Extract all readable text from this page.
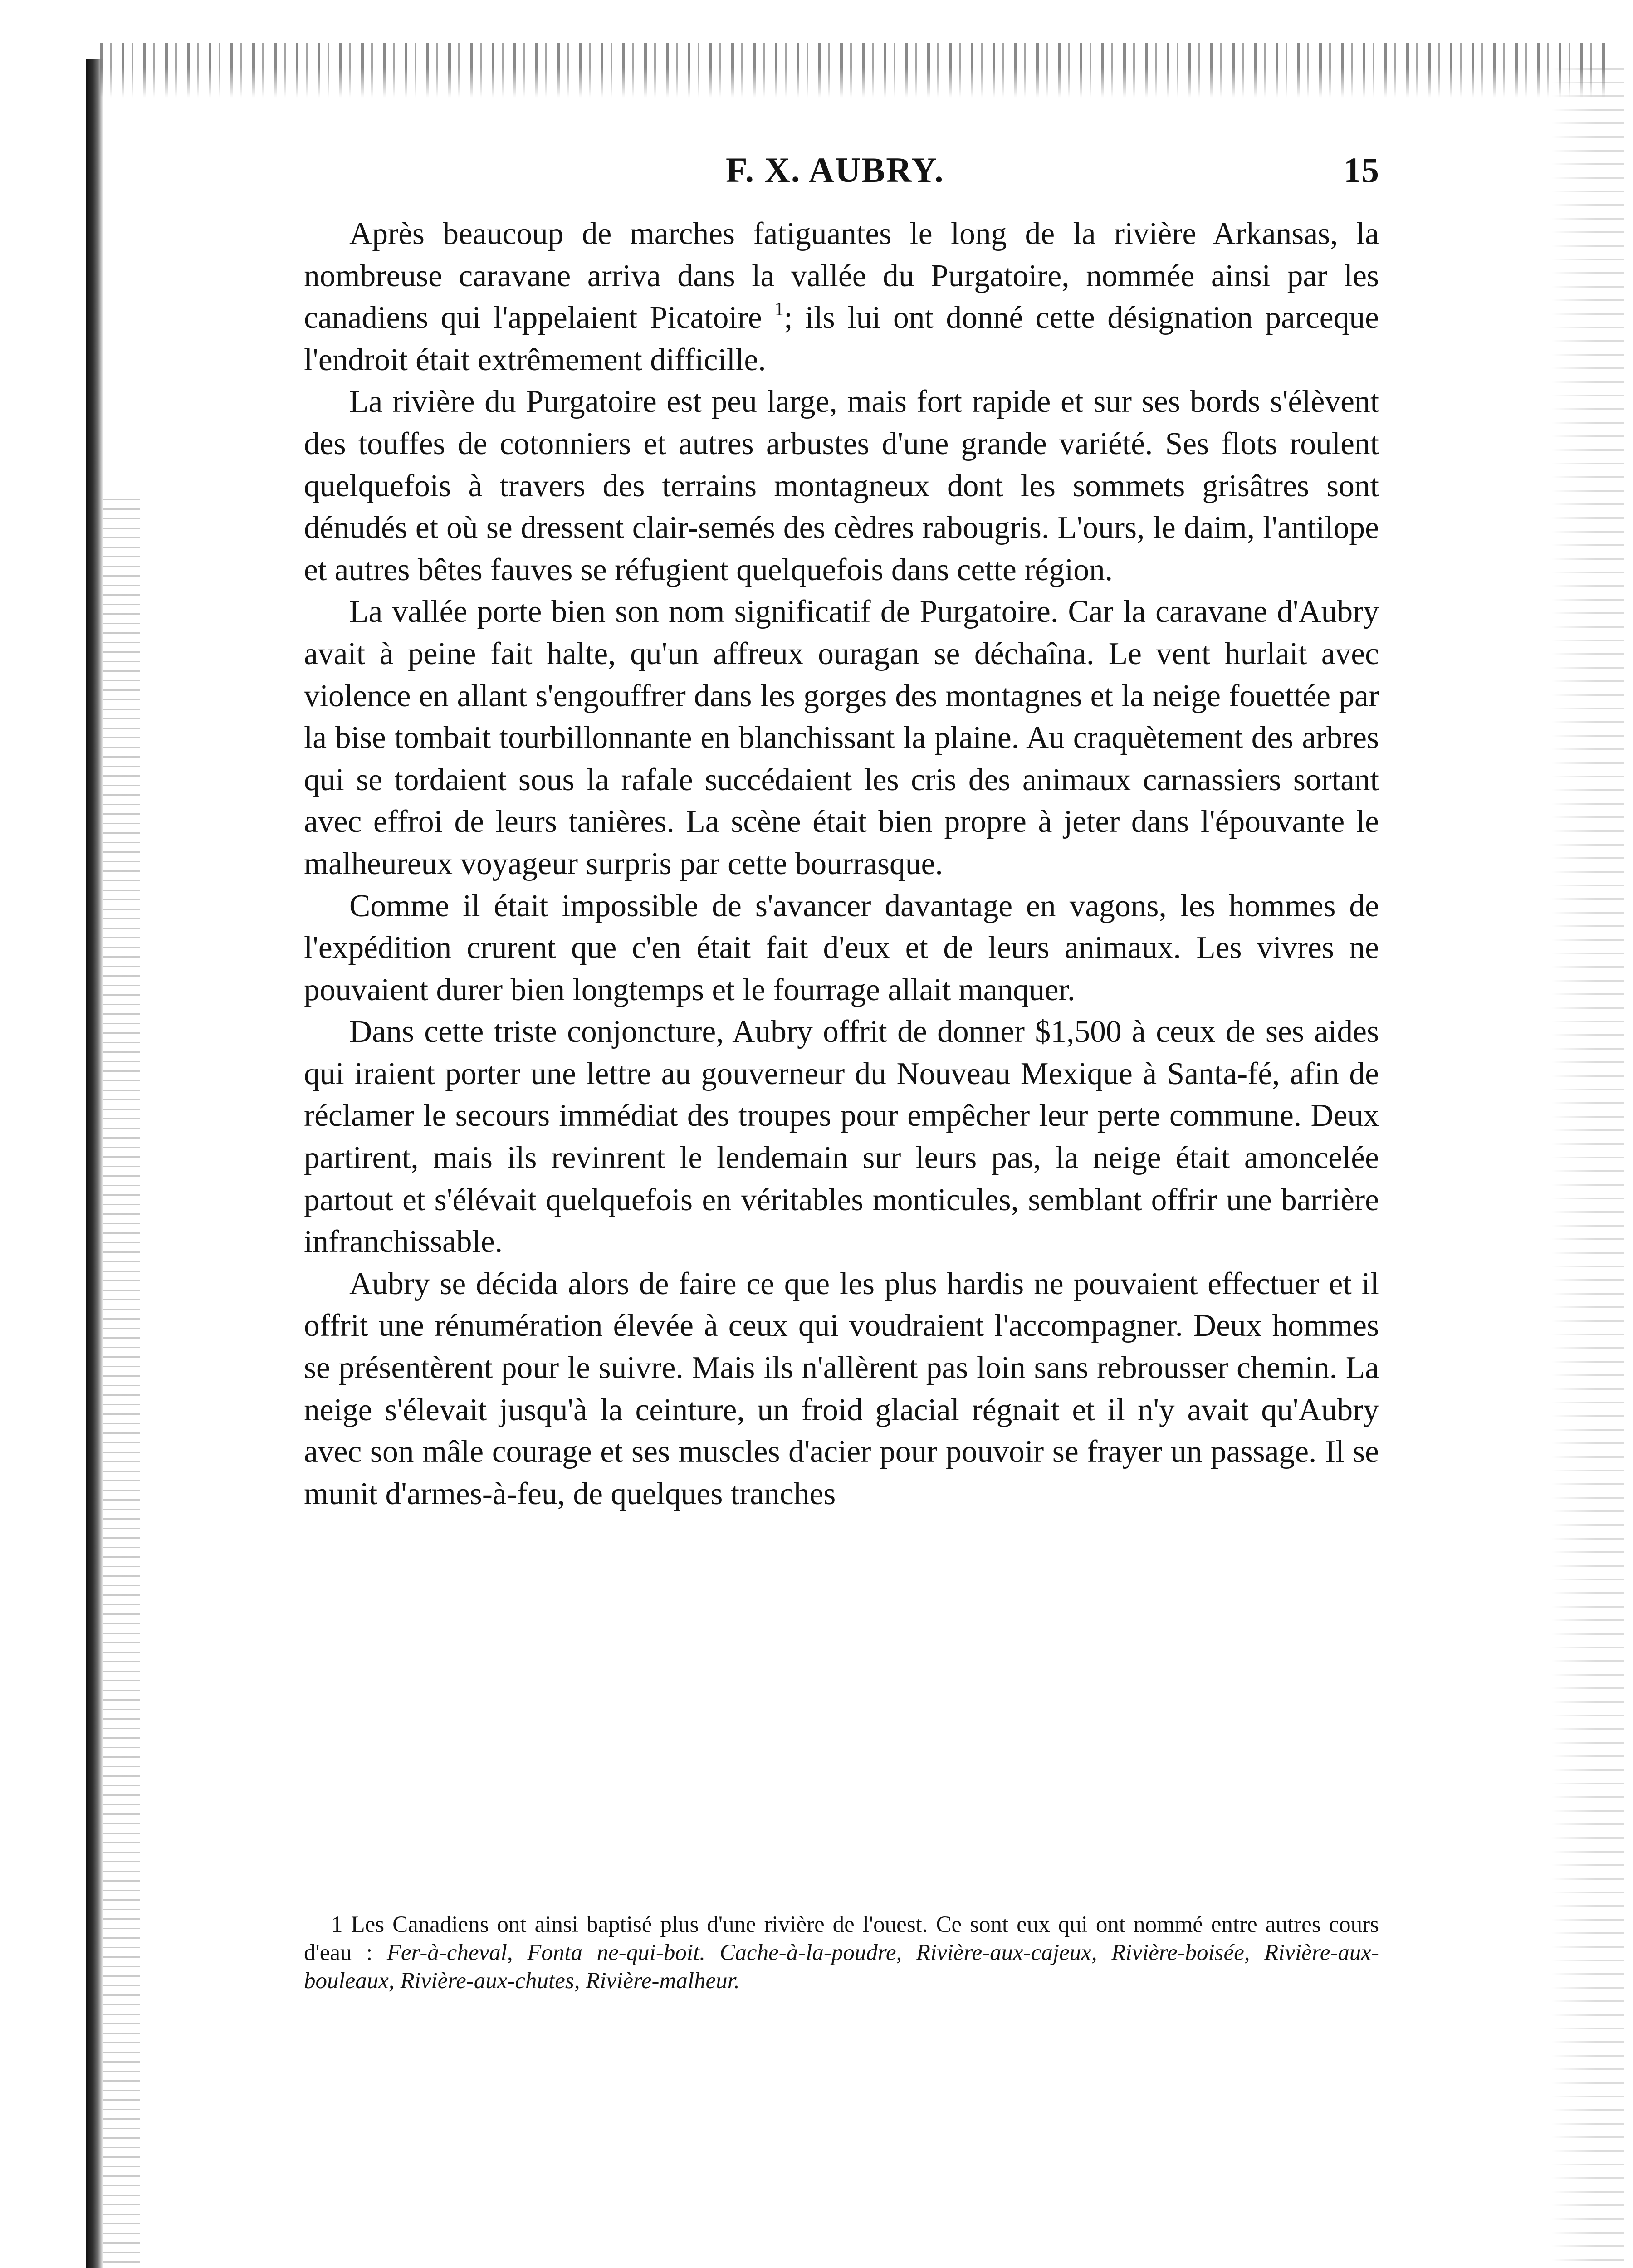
F. X. AUBRY.	15

Après beaucoup de marches fatiguantes le long de la rivière Arkansas, la nombreuse caravane arriva dans la vallée du Purgatoire, nommée ainsi par les canadiens qui l'appelaient Picatoire $^1$; ils lui ont donné cette désignation parceque l'endroit était extrêmement difficille.

La rivière du Purgatoire est peu large, mais fort rapide et sur ses bords s'élèvent des touffes de cotonniers et autres arbustes d'une grande variété. Ses flots roulent quelquefois à travers des terrains montagneux dont les sommets grisâtres sont dénudés et où se dressent clair-semés des cèdres rabougris. L'ours, le daim, l'antilope et autres bêtes fauves se réfugient quelquefois dans cette région.

La vallée porte bien son nom significatif de Purgatoire. Car la caravane d'Aubry avait à peine fait halte, qu'un affreux ouragan se déchaîna. Le vent hurlait avec violence en allant s'engouffrer dans les gorges des montagnes et la neige fouettée par la bise tombait tourbillonnante en blanchissant la plaine. Au craquètement des arbres qui se tordaient sous la rafale succédaient les cris des animaux carnassiers sortant avec effroi de leurs tanières. La scène était bien propre à jeter dans l'épouvante le malheureux voyageur surpris par cette bourrasque.

Comme il était impossible de s'avancer davantage en vagons, les hommes de l'expédition crurent que c'en était fait d'eux et de leurs animaux. Les vivres ne pouvaient durer bien longtemps et le fourrage allait manquer.

Dans cette triste conjoncture, Aubry offrit de donner $1,500 à ceux de ses aides qui iraient porter une lettre au gouverneur du Nouveau Mexique à Santa-fé, afin de réclamer le secours immédiat des troupes pour empêcher leur perte commune. Deux partirent, mais ils revinrent le lendemain sur leurs pas, la neige était amoncelée partout et s'élévait quelquefois en véritables monticules, semblant offrir une barrière infranchissable.

Aubry se décida alors de faire ce que les plus hardis ne pouvaient effectuer et il offrit une rénumération élevée à ceux qui voudraient l'accompagner. Deux hommes se présentèrent pour le suivre. Mais ils n'allèrent pas loin sans rebrousser chemin. La neige s'élevait jusqu'à la ceinture, un froid glacial régnait et il n'y avait qu'Aubry avec son mâle courage et ses muscles d'acier pour pouvoir se frayer un passage. Il se munit d'armes-à-feu, de quelques tranches

1 Les Canadiens ont ainsi baptisé plus d'une rivière de l'ouest. Ce sont eux qui ont nommé entre autres cours d'eau : Fer-à-cheval, Fonta ne-qui-boit. Cache-à-la-poudre, Rivière-aux-cajeux, Rivière-boisée, Rivière-aux-bouleaux, Rivière-aux-chutes, Rivière-malheur.
